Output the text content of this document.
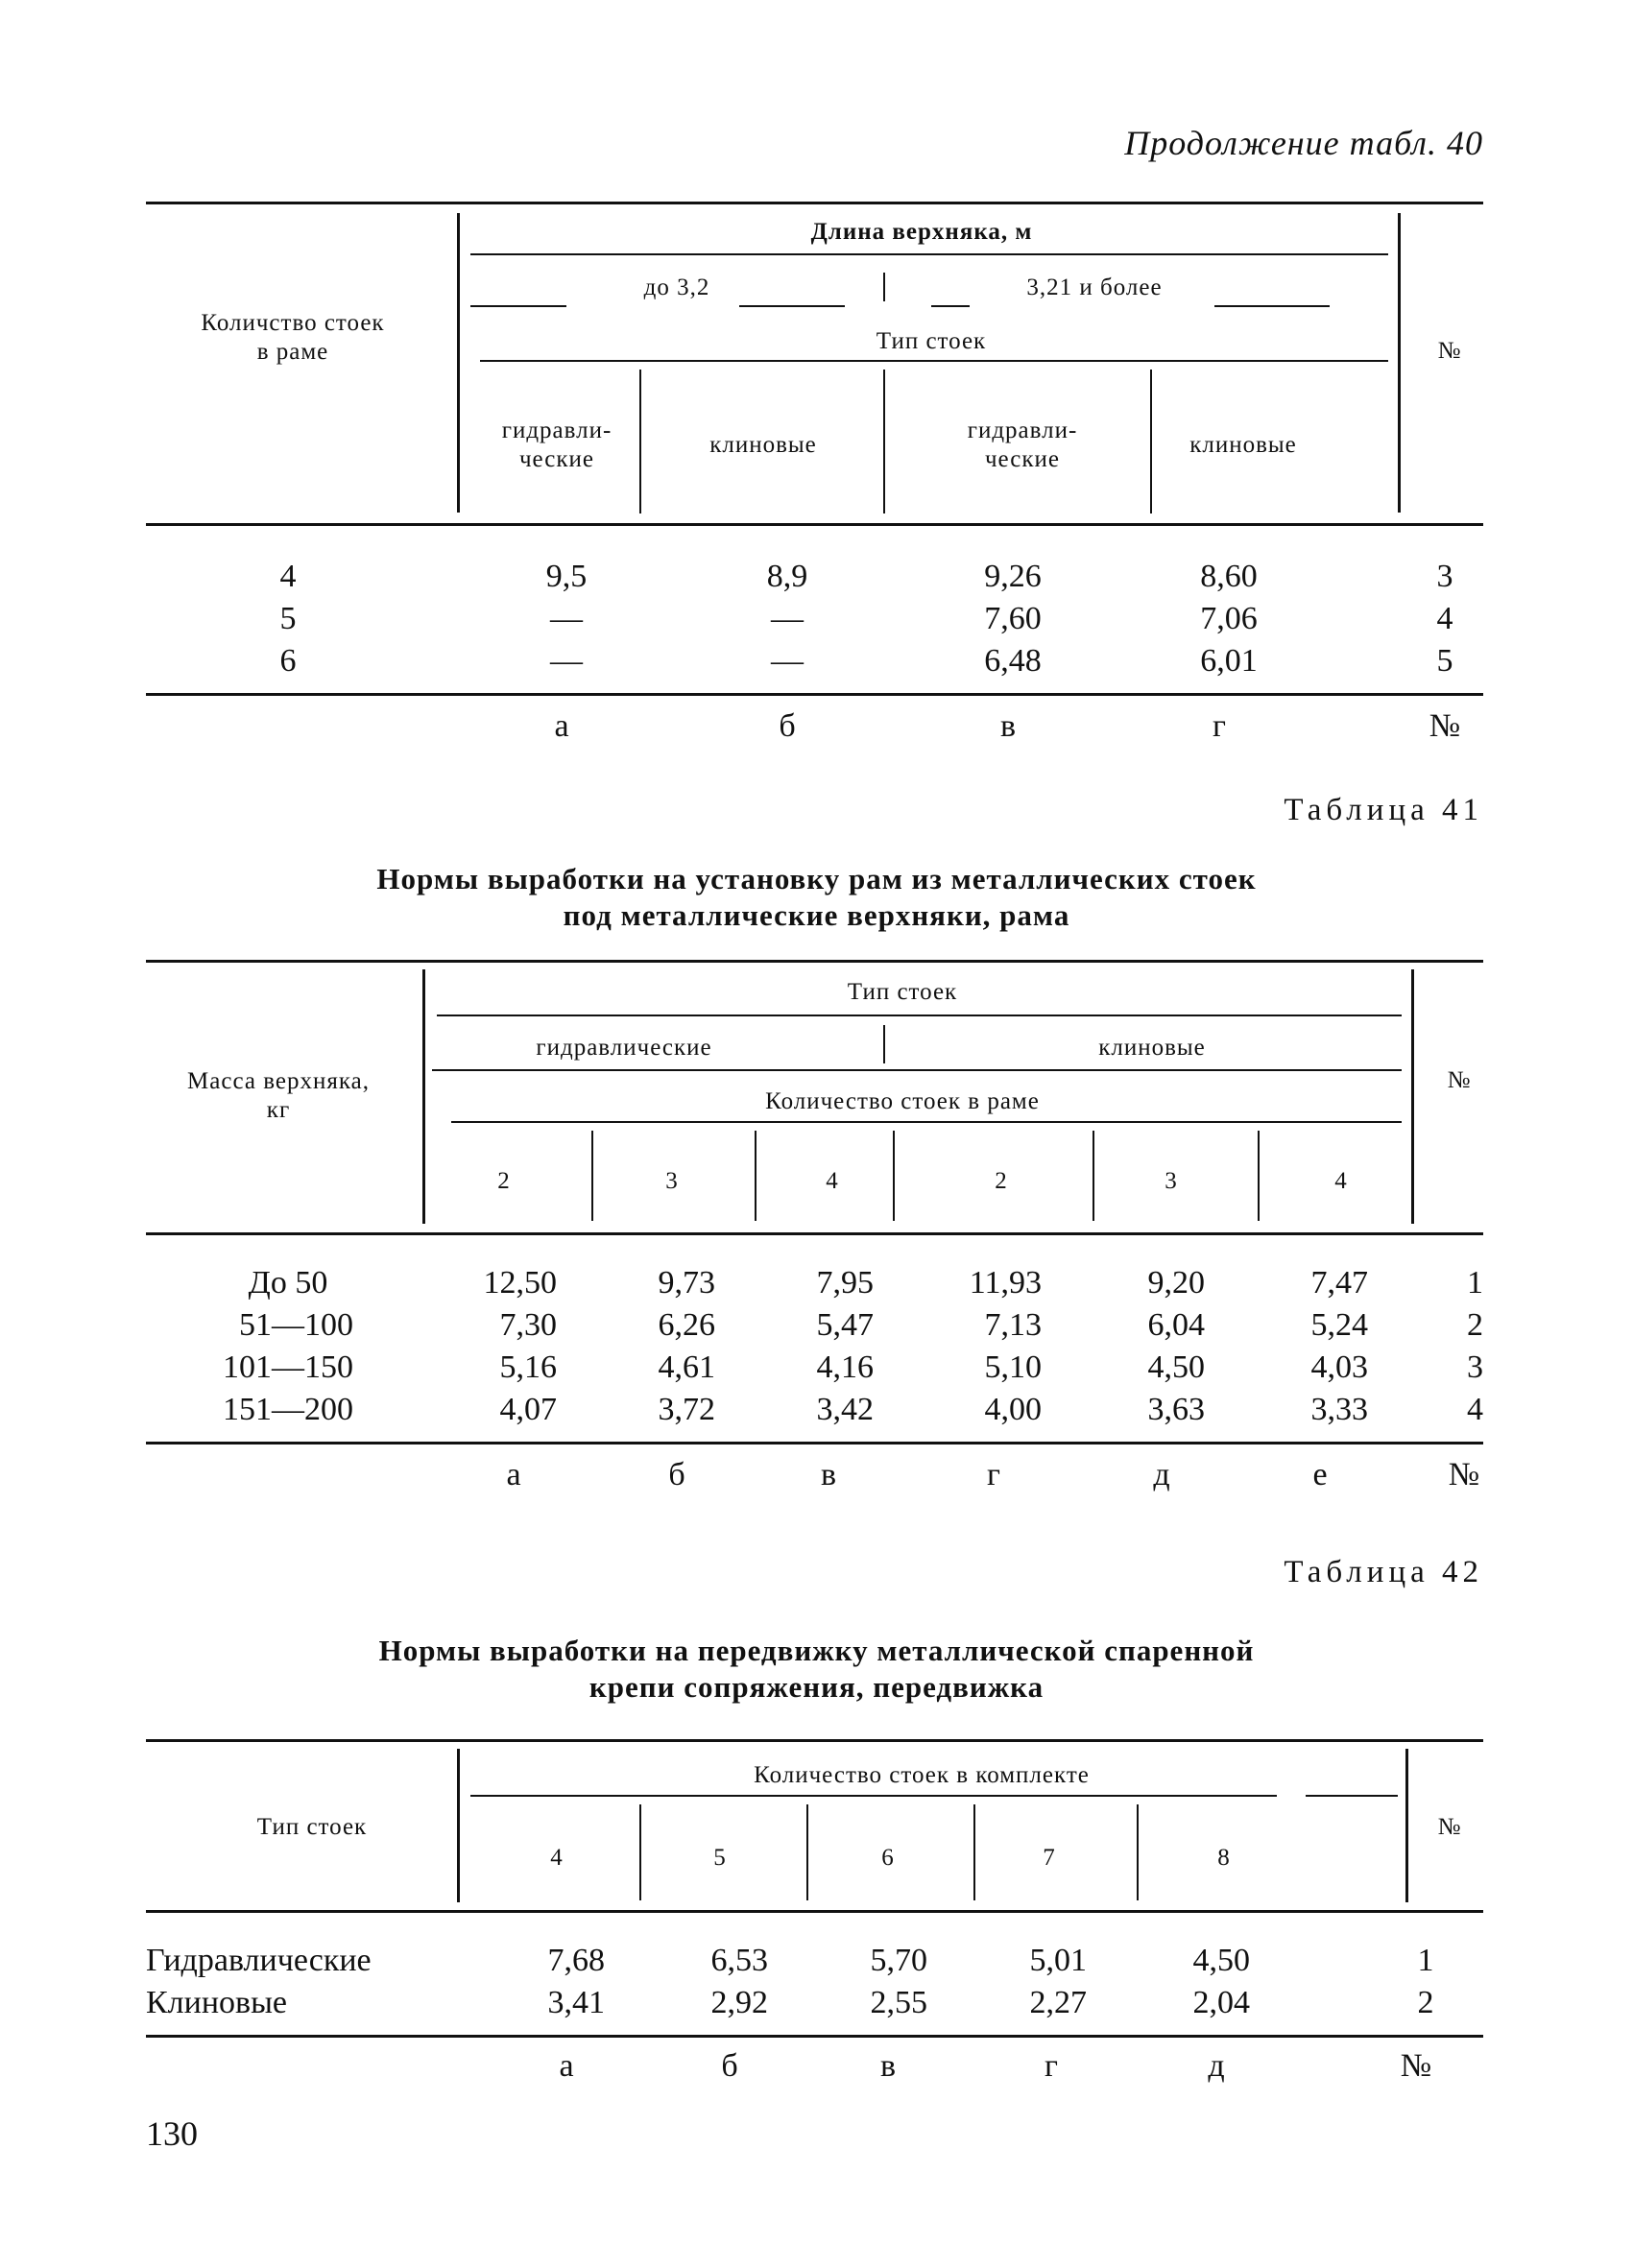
Продолжение табл. 40
Количство стоек в раме
Длина верхняка, м
до 3,2	3,21 и более
Тип стоек
гидравли- ческие
клиновые
гидравли- ческие
клиновые
№
4	9,5	8,9	9,26	8,60	3
5	—	—	7,60	7,06	4
6	—	—	6,48	6,01	5
а	б	в	г	№
Таблица 41
Нормы выработки на установку рам из металлических стоек
под металлические верхняки, рама
Масса верхняка, кг
Тип стоек
гидравлические	клиновые
Количество стоек в раме
2	3	4	2	3	4
№
До 50	12,50	9,73	7,95	11,93	9,20	7,47	1
51—100	7,30	6,26	5,47	7,13	6,04	5,24	2
101—150	5,16	4,61	4,16	5,10	4,50	4,03	3
151—200	4,07	3,72	3,42	4,00	3,63	3,33	4
а	б	в	г	д	е	№
Таблица 42
Нормы выработки на передвижку металлической спаренной
крепи сопряжения, передвижка
Тип стоек
Количество стоек в комплекте
4	5	6	7	8
№
Гидравлические	7,68	6,53	5,70	5,01	4,50	1
Клиновые	3,41	2,92	2,55	2,27	2,04	2
а	б	в	г	д	№
130
